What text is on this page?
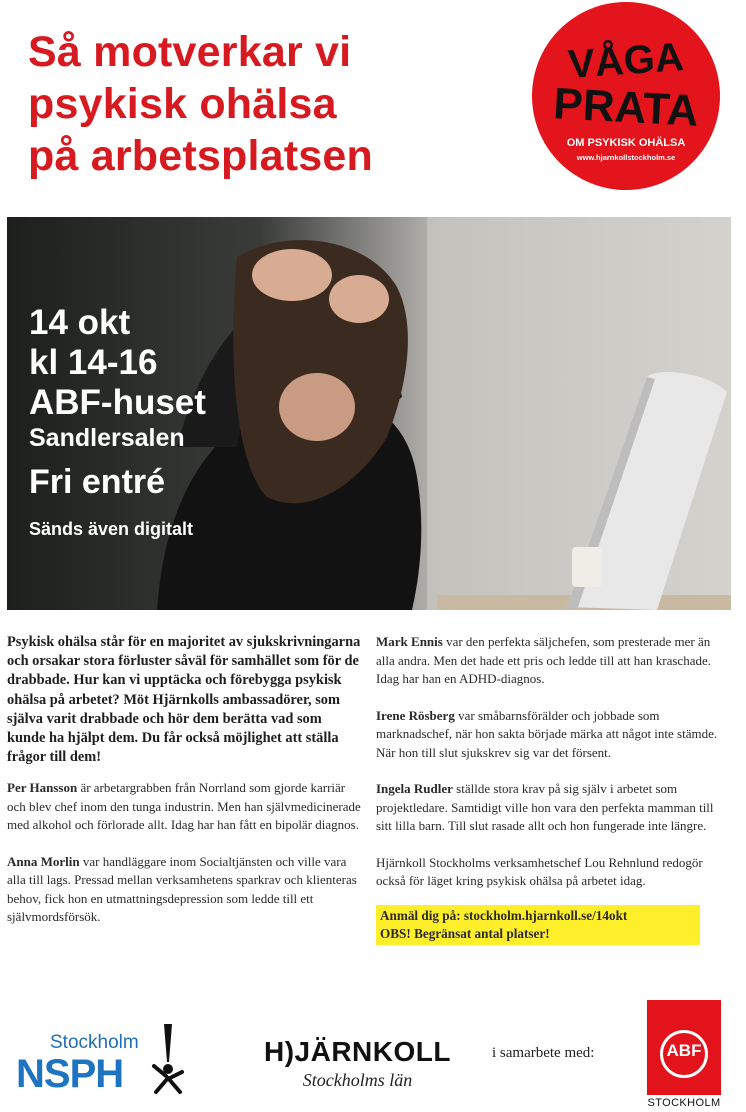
Så motverkar vi
psykisk ohälsa
på arbetsplatsen
VÅGA
PRATA
OM PSYKISK OHÄLSA
www.hjarnkollstockholm.se
14 okt
kl 14-16
ABF-huset
Sandlersalen
Fri entré
Sänds även digitalt

Psykisk ohälsa står för en majoritet av sjukskrivningarna och orsakar stora förluster såväl för samhället som för de drabbade. Hur kan vi upptäcka och förebygga psykisk ohälsa på arbetet? Möt Hjärnkolls ambassadörer, som själva varit drabbade och hör dem berätta vad som kunde ha hjälpt dem. Du får också möjlighet att ställa frågor till dem!

Per Hansson är arbetargrabben från Norrland som gjorde karriär och blev chef inom den tunga industrin. Men han självmedicinerade med alkohol och förlorade allt. Idag har han fått en bipolär diagnos.

Anna Morlin var handläggare inom Socialtjänsten och ville vara alla till lags. Pressad mellan verksamhetens sparkrav och klienteras behov, fick hon en utmattningsdepression som ledde till ett självmordsförsök.

Mark Ennis var den perfekta säljchefen, som presterade mer än alla andra. Men det hade ett pris och ledde till att han kraschade. Idag har han en ADHD-diagnos.

Irene Rösberg var småbarnsförälder och jobbade som marknadschef, när hon sakta började märka att något inte stämde. När hon till slut sjukskrev sig var det försent.

Ingela Rudler ställde stora krav på sig själv i arbetet som projektledare. Samtidigt ville hon vara den perfekta mamman till sitt lilla barn. Till slut rasade allt och hon fungerade inte längre.

Hjärnkoll Stockholms verksamhetschef Lou Rehnlund redogör också för läget kring psykisk ohälsa på arbetet idag.

Anmäl dig på: stockholm.hjarnkoll.se/14okt
OBS! Begränsat antal platser!
Stockholm
NSPH
H)JÄRNKOLL
Stockholms län
i samarbete med:	ABF
STOCKHOLM
